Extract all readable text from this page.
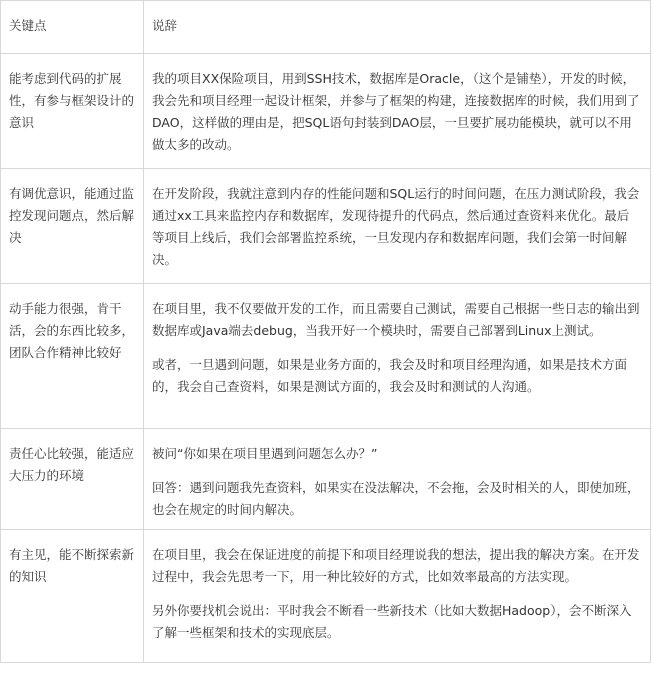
关键点	说辞
能考虑到代码的扩展性，有参与框架设计的意识	我的项目XX保险项目，用到SSH技术，数据库是Oracle，（这个是铺垫），开发的时候，我会先和项目经理一起设计框架，并参与了框架的构建，连接数据库的时候，我们用到了DAO，这样做的理由是，把SQL语句封装到DAO层，一旦要扩展功能模块，就可以不用做太多的改动。

有调优意识，能通过监控发现问题点，然后解决	在开发阶段，我就注意到内存的性能问题和SQL运行的时间问题，在压力测试阶段，我会通过xx工具来监控内存和数据库，发现待提升的代码点，然后通过查资料来优化。最后等项目上线后，我们会部署监控系统，一旦发现内存和数据库问题，我们会第一时间解决。

动手能力很强，肯干活，会的东西比较多，团队合作精神比较好	在项目里，我不仅要做开发的工作，而且需要自己测试，需要自己根据一些日志的输出到数据库或Java端去debug，当我开好一个模块时，需要自己部署到Linux上测试。

或者，一旦遇到问题，如果是业务方面的，我会及时和项目经理沟通，如果是技术方面的，我会自己查资料，如果是测试方面的，我会及时和测试的人沟通。

责任心比较强，能适应大压力的环境	被问“你如果在项目里遇到问题怎么办？”

回答：遇到问题我先查资料，如果实在没法解决，不会拖，会及时相关的人，即使加班，也会在规定的时间内解决。

有主见，能不断探索新的知识	在项目里，我会在保证进度的前提下和项目经理说我的想法，提出我的解决方案。在开发过程中，我会先思考一下，用一种比较好的方式，比如效率最高的方法实现。

另外你要找机会说出：平时我会不断看一些新技术（比如大数据Hadoop），会不断深入了解一些框架和技术的实现底层。
